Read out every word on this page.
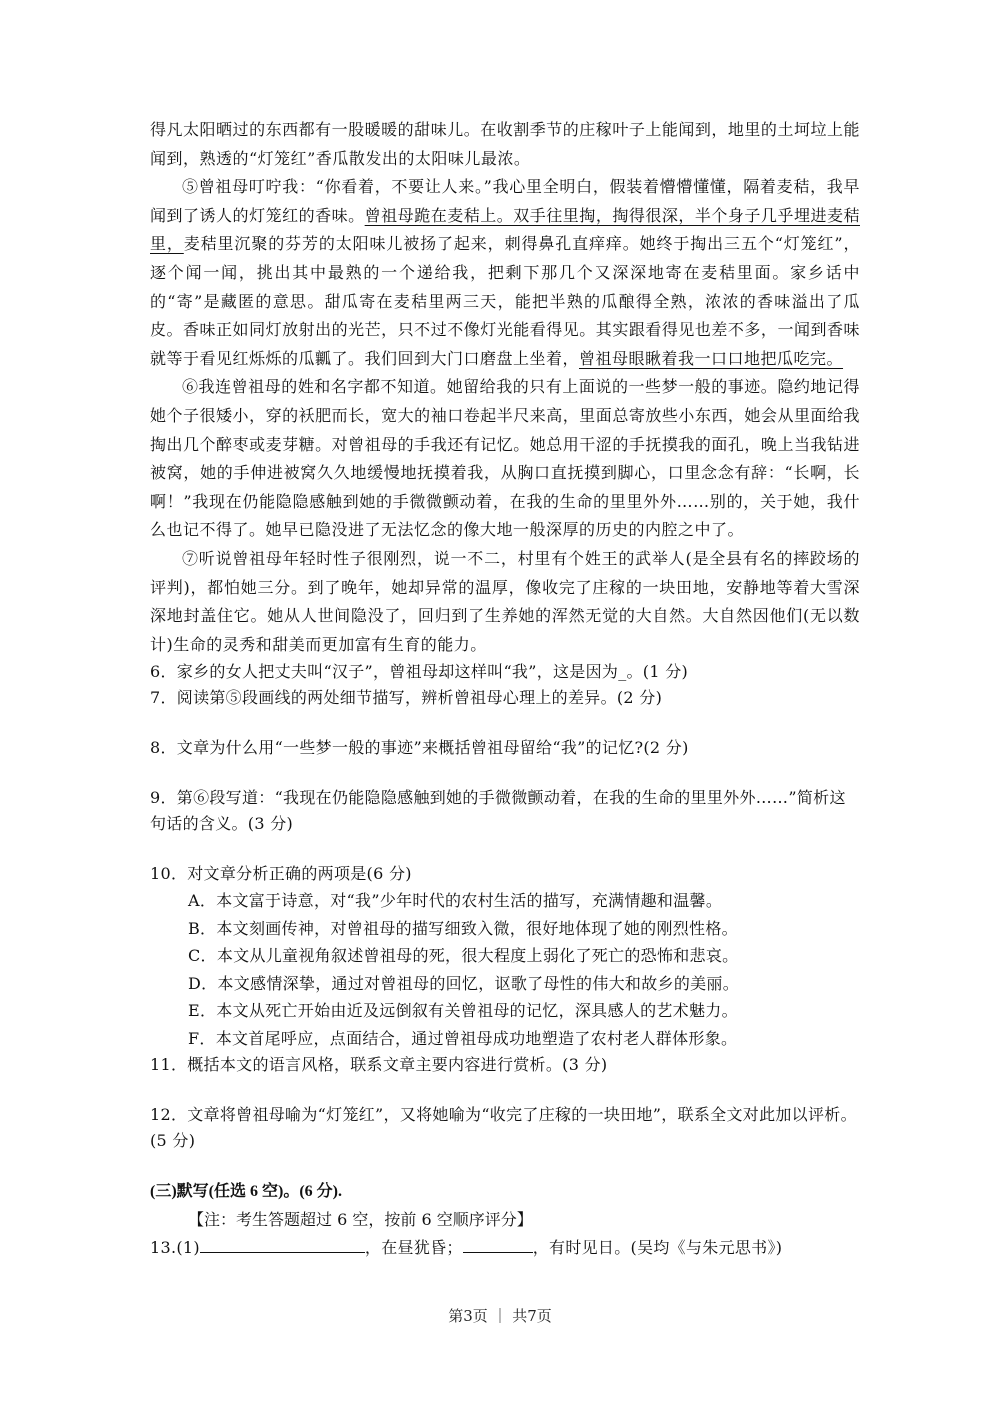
得凡太阳晒过的东西都有一股暖暖的甜味儿。在收割季节的庄稼叶子上能闻到，地里的土坷垃上能闻到，熟透的“灯笼红”香瓜散发出的太阳味儿最浓。

⑤曾祖母叮咛我：“你看着，不要让人来。”我心里全明白，假装着懵懵懂懂，隔着麦秸，我早闻到了诱人的灯笼红的香味。曾祖母跪在麦秸上。双手往里掏，掏得很深，半个身子几乎埋进麦秸里，麦秸里沉聚的芬芳的太阳味儿被扬了起来，刺得鼻孔直痒痒。她终于掏出三五个“灯笼红”，逐个闻一闻，挑出其中最熟的一个递给我，把剩下那几个又深深地寄在麦秸里面。家乡话中的“寄”是藏匿的意思。甜瓜寄在麦秸里两三天，能把半熟的瓜酿得全熟，浓浓的香味溢出了瓜皮。香味正如同灯放射出的光芒，只不过不像灯光能看得见。其实跟看得见也差不多，一闻到香味就等于看见红烁烁的瓜瓤了。我们回到大门口磨盘上坐着，曾祖母眼瞅着我一口口地把瓜吃完。

⑥我连曾祖母的姓和名字都不知道。她留给我的只有上面说的一些梦一般的事迹。隐约地记得她个子很矮小，穿的袄肥而长，宽大的袖口卷起半尺来高，里面总寄放些小东西，她会从里面给我掏出几个醉枣或麦芽糖。对曾祖母的手我还有记忆。她总用干涩的手抚摸我的面孔，晚上当我钻进被窝，她的手伸进被窝久久地缓慢地抚摸着我，从胸口直抚摸到脚心，口里念念有辞：“长啊，长啊！”我现在仍能隐隐感触到她的手微微颤动着，在我的生命的里里外外……别的，关于她，我什么也记不得了。她早已隐没进了无法忆念的像大地一般深厚的历史的内腔之中了。

⑦听说曾祖母年轻时性子很刚烈，说一不二，村里有个姓王的武举人(是全县有名的摔跤场的评判)，都怕她三分。到了晚年，她却异常的温厚，像收完了庄稼的一块田地，安静地等着大雪深深地封盖住它。她从人世间隐没了，回归到了生养她的浑然无觉的大自然。大自然因他们(无以数计)生命的灵秀和甜美而更加富有生育的能力。

6．家乡的女人把丈夫叫“汉子”，曾祖母却这样叫“我”，这是因为_。(1 分)

7．阅读第⑤段画线的两处细节描写，辨析曾祖母心理上的差异。(2 分)

8．文章为什么用“一些梦一般的事迹”来概括曾祖母留给“我”的记忆?(2 分)

9．第⑥段写道：“我现在仍能隐隐感触到她的手微微颤动着，在我的生命的里里外外……”简析这句话的含义。(3 分)

10．对文章分析正确的两项是(6 分)

A．本文富于诗意，对“我”少年时代的农村生活的描写，充满情趣和温馨。

B．本文刻画传神，对曾祖母的描写细致入微，很好地体现了她的刚烈性格。

C．本文从儿童视角叙述曾祖母的死，很大程度上弱化了死亡的恐怖和悲哀。

D．本文感情深挚，通过对曾祖母的回忆，讴歌了母性的伟大和故乡的美丽。

E．本文从死亡开始由近及远倒叙有关曾祖母的记忆，深具感人的艺术魅力。

F．本文首尾呼应，点面结合，通过曾祖母成功地塑造了农村老人群体形象。

11．概括本文的语言风格，联系文章主要内容进行赏析。(3 分)

12．文章将曾祖母喻为“灯笼红”，又将她喻为“收完了庄稼的一块田地”，联系全文对此加以评析。(5 分)

(三)默写(任选 6 空)。(6 分).

【注：考生答题超过 6 空，按前 6 空顺序评分】

13.(1)	，在昼犹昏；	，有时见日。(吴均《与朱元思书》)

第3页 ｜ 共7页
